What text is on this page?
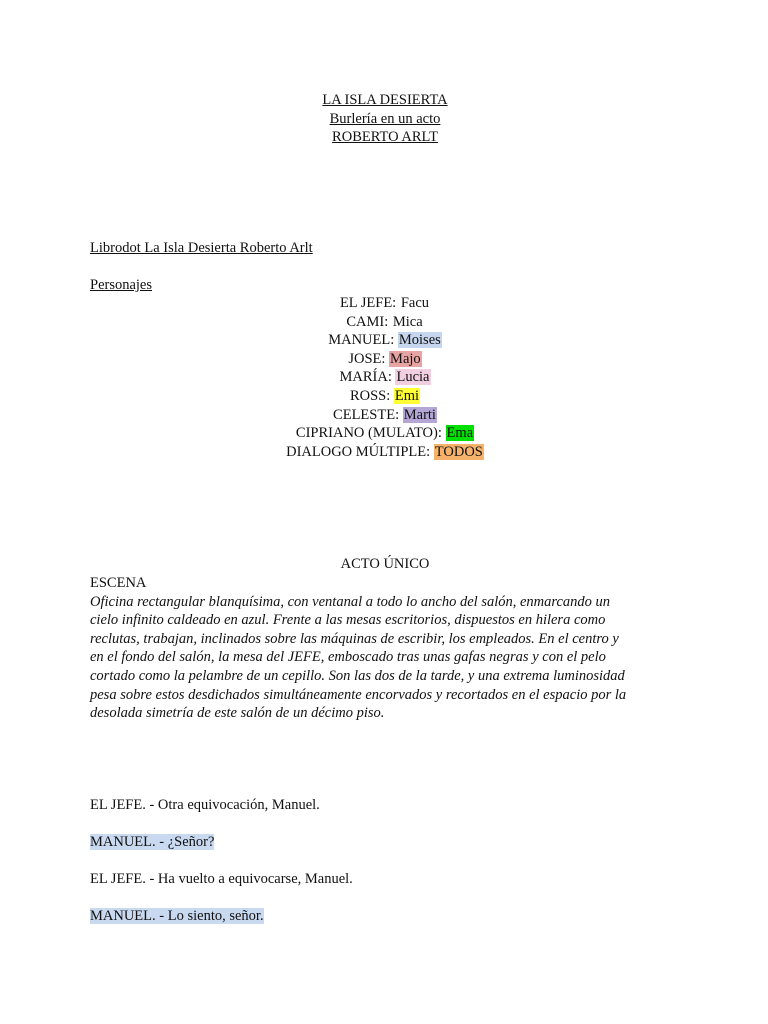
LA ISLA DESIERTA
Burlería en un acto
ROBERTO ARLT
Librodot La Isla Desierta Roberto Arlt
Personajes
EL JEFE: Facu
CAMI: Mica
MANUEL: Moises
JOSE: Majo
MARÍA: Lucia
ROSS: Emi
CELESTE: Marti
CIPRIANO (MULATO): Ema
DIALOGO MÚLTIPLE: TODOS
ACTO ÚNICO
ESCENA
Oficina rectangular blanquísima, con ventanal a todo lo ancho del salón, enmarcando un
cielo infinito caldeado en azul. Frente a las mesas escritorios, dispuestos en hilera como
reclutas, trabajan, inclinados sobre las máquinas de escribir, los empleados. En el centro y
en el fondo del salón, la mesa del JEFE, emboscado tras unas gafas negras y con el pelo
cortado como la pelambre de un cepillo. Son las dos de la tarde, y una extrema luminosidad
pesa sobre estos desdichados simultáneamente encorvados y recortados en el espacio por la
desolada simetría de este salón de un décimo piso.
EL JEFE. - Otra equivocación, Manuel.
MANUEL. - ¿Señor?
EL JEFE. - Ha vuelto a equivocarse, Manuel.
MANUEL. - Lo siento, señor.
